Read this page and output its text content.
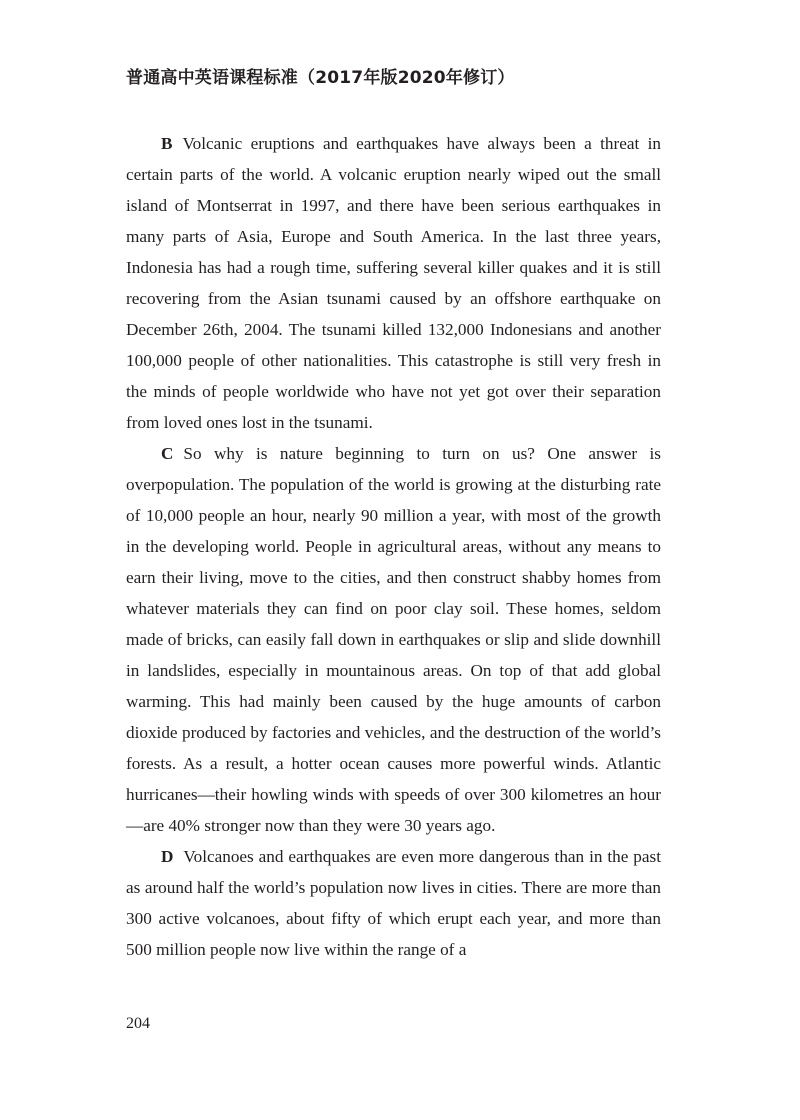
普通高中英语课程标准（2017年版2020年修订）

B Volcanic eruptions and earthquakes have always been a threat in certain parts of the world. A volcanic eruption nearly wiped out the small island of Montserrat in 1997, and there have been serious earthquakes in many parts of Asia, Europe and South America. In the last three years, Indonesia has had a rough time, suffering several killer quakes and it is still recovering from the Asian tsunami caused by an offshore earthquake on December 26th, 2004. The tsunami killed 132,000 Indonesians and another 100,000 people of other nationalities. This catastrophe is still very fresh in the minds of people worldwide who have not yet got over their separation from loved ones lost in the tsunami.

C So why is nature beginning to turn on us? One answer is overpopulation. The population of the world is growing at the disturbing rate of 10,000 people an hour, nearly 90 million a year, with most of the growth in the developing world. People in agricultural areas, without any means to earn their living, move to the cities, and then construct shabby homes from whatever materials they can find on poor clay soil. These homes, seldom made of bricks, can easily fall down in earthquakes or slip and slide downhill in landslides, especially in mountainous areas. On top of that add global warming. This had mainly been caused by the huge amounts of carbon dioxide produced by factories and vehicles, and the destruction of the world’s forests. As a result, a hotter ocean causes more powerful winds. Atlantic hurricanes—their howling winds with speeds of over 300 kilometres an hour—are 40% stronger now than they were 30 years ago.

D Volcanoes and earthquakes are even more dangerous than in the past as around half the world’s population now lives in cities. There are more than 300 active volcanoes, about fifty of which erupt each year, and more than 500 million people now live within the range of a

204
